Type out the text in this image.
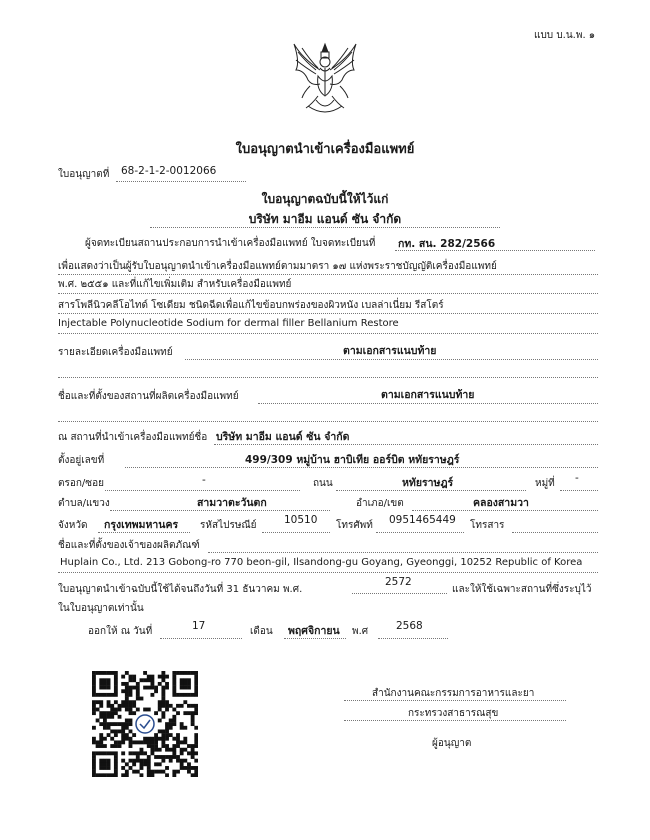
แบบ บ.น.พ. ๑
ใบอนุญาตนำเข้าเครื่องมือแพทย์
ใบอนุญาตที่ 68-2-1-2-0012066
ใบอนุญาตฉบับนี้ให้ไว้แก่
บริษัท มาอีม แอนด์ ซัน จำกัด
ผู้จดทะเบียนสถานประกอบการนำเข้าเครื่องมือแพทย์ ใบจดทะเบียนที่ กท. สน. 282/2566
เพื่อแสดงว่าเป็นผู้รับใบอนุญาตนำเข้าเครื่องมือแพทย์ตามมาตรา ๑๗ แห่งพระราชบัญญัติเครื่องมือแพทย์
พ.ศ. ๒๕๕๑ และที่แก้ไขเพิ่มเติม สำหรับเครื่องมือแพทย์
สารโพลีนิวคลีโอไทด์ โซเดียม ชนิดฉีดเพื่อแก้ไขข้อบกพร่องของผิวหนัง เบลล่าเนี่ยม รีสโตร์
Injectable Polynucleotide Sodium for dermal filler Bellanium Restore
รายละเอียดเครื่องมือแพทย์	ตามเอกสารแนบท้าย
ชื่อและที่ตั้งของสถานที่ผลิตเครื่องมือแพทย์	ตามเอกสารแนบท้าย
ณ สถานที่นำเข้าเครื่องมือแพทย์ชื่อ บริษัท มาอีม แอนด์ ซัน จำกัด
ตั้งอยู่เลขที่	499/309 หมู่บ้าน ฮาบิเทีย ออร์บิต หทัยราษฎร์
ตรอก/ซอย	-	ถนน	หทัยราษฎร์	หมู่ที่ -
ตำบล/แขวง	สามวาตะวันตก	อำเภอ/เขต	คลองสามวา
จังหวัด กรุงเทพมหานคร รหัสไปรษณีย์	10510 โทรศัพท์ 0951465449 โทรสาร
ชื่อและที่ตั้งของเจ้าของผลิตภัณฑ์
Huplain Co., Ltd. 213 Gobong-ro 770 beon-gil, Ilsandong-gu Goyang, Gyeonggi, 10252 Republic of Korea
ใบอนุญาตนำเข้าฉบับนี้ใช้ได้จนถึงวันที่ 31 ธันวาคม พ.ศ.
2572
และให้ใช้เฉพาะสถานที่ซึ่งระบุไว้
ในใบอนุญาตเท่านั้น
ออกให้ ณ วันที่	17	เดือน พฤศจิกายน พ.ศ	2568
สำนักงานคณะกรรมการอาหารและยา
กระทรวงสาธารณสุข
ผู้อนุญาต
